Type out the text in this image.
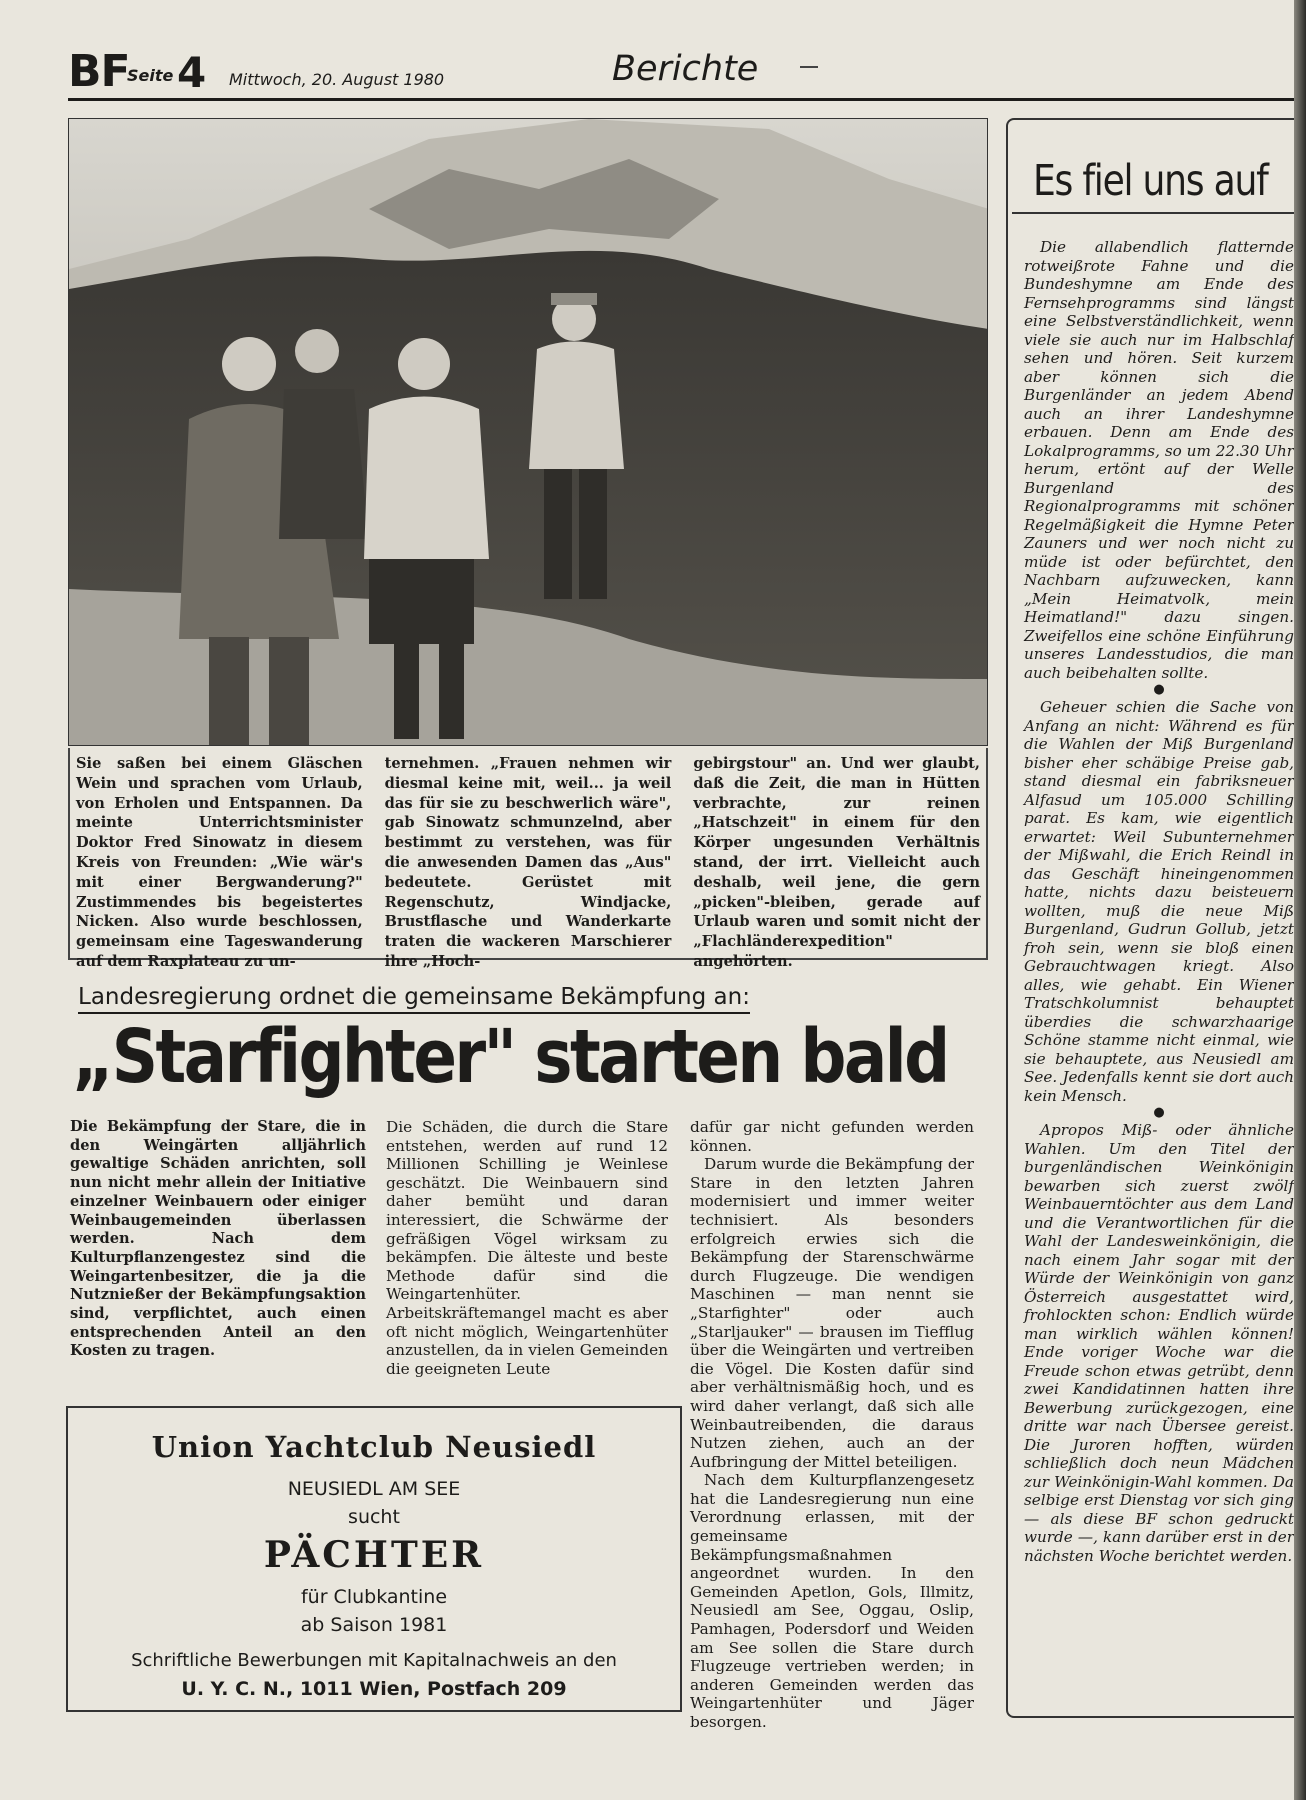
BF
Seite 4 Mittwoch, 20. August 1980	Berichte
Sie saßen bei einem Gläschen Wein und sprachen vom Urlaub, von Erholen und Entspannen. Da meinte Unterrichtsminister Doktor Fred Sinowatz in diesem Kreis von Freunden: „Wie wär's mit einer Bergwanderung?" Zustimmendes bis begeistertes Nicken. Also wurde beschlossen, gemeinsam eine Tageswanderung auf dem Raxplateau zu un-
ternehmen. „Frauen nehmen wir diesmal keine mit, weil... ja weil das für sie zu beschwerlich wäre", gab Sinowatz schmunzelnd, aber bestimmt zu verstehen, was für die anwesenden Damen das „Aus" bedeutete. Gerüstet mit Regenschutz, Windjacke, Brustflasche und Wanderkarte traten die wackeren Marschierer ihre „Hoch-
gebirgstour" an. Und wer glaubt, daß die Zeit, die man in Hütten verbrachte, zur reinen „Hatschzeit" in einem für den Körper ungesunden Verhältnis stand, der irrt. Vielleicht auch deshalb, weil jene, die gern „picken"-bleiben, gerade auf Urlaub waren und somit nicht der „Flachländerexpedition" angehörten.
Landesregierung ordnet die gemeinsame Bekämpfung an:
„Starfighter" starten bald
Die Bekämpfung der Stare, die in den Weingärten alljährlich gewaltige Schäden anrichten, soll nun nicht mehr allein der Initiative einzelner Weinbauern oder einiger Weinbaugemeinden überlassen werden. Nach dem Kulturpflanzengestez sind die Weingartenbesitzer, die ja die Nutznießer der Bekämpfungsaktion sind, verpflichtet, auch einen entsprechenden Anteil an den Kosten zu tragen.
Die Schäden, die durch die Stare entstehen, werden auf rund 12 Millionen Schilling je Weinlese geschätzt. Die Weinbauern sind daher bemüht und daran interessiert, die Schwärme der gefräßigen Vögel wirksam zu bekämpfen. Die älteste und beste Methode dafür sind die Weingartenhüter. Arbeitskräftemangel macht es aber oft nicht möglich, Weingartenhüter anzustellen, da in vielen Gemeinden die geeigneten Leute

dafür gar nicht gefunden werden können.

Darum wurde die Bekämpfung der Stare in den letzten Jahren modernisiert und immer weiter technisiert. Als besonders erfolgreich erwies sich die Bekämpfung der Starenschwärme durch Flugzeuge. Die wendigen Maschinen — man nennt sie „Starfighter" oder auch „Starljauker" — brausen im Tiefflug über die Weingärten und vertreiben die Vögel. Die Kosten dafür sind aber verhältnismäßig hoch, und es wird daher verlangt, daß sich alle Weinbautreibenden, die daraus Nutzen ziehen, auch an der Aufbringung der Mittel beteiligen.

Nach dem Kulturpflanzengesetz hat die Landesregierung nun eine Verordnung erlassen, mit der gemeinsame Bekämpfungsmaßnahmen angeordnet wurden. In den Gemeinden Apetlon, Gols, Illmitz, Neusiedl am See, Oggau, Oslip, Pamhagen, Podersdorf und Weiden am See sollen die Stare durch Flugzeuge vertrieben werden; in anderen Gemeinden werden das Weingartenhüter und Jäger besorgen.

Union Yachtclub Neusiedl
NEUSIEDL AM SEE
sucht
PÄCHTER
für Clubkantine
ab Saison 1981
Schriftliche Bewerbungen mit Kapitalnachweis an den
U. Y. C. N., 1011 Wien, Postfach 209
Es fiel uns auf

Die allabendlich flatternde rotweißrote Fahne und die Bundeshymne am Ende des Fernsehprogramms sind längst eine Selbstverständlichkeit, wenn viele sie auch nur im Halbschlaf sehen und hören. Seit kurzem aber können sich die Burgenländer an jedem Abend auch an ihrer Landeshymne erbauen. Denn am Ende des Lokalprogramms, so um 22.30 Uhr herum, ertönt auf der Welle Burgenland des Regionalprogramms mit schöner Regelmäßigkeit die Hymne Peter Zauners und wer noch nicht zu müde ist oder befürchtet, den Nachbarn aufzuwecken, kann „Mein Heimatvolk, mein Heimatland!" dazu singen. Zweifellos eine schöne Einführung unseres Landesstudios, die man auch beibehalten sollte.

●

Geheuer schien die Sache von Anfang an nicht: Während es für die Wahlen der Miß Burgenland bisher eher schäbige Preise gab, stand diesmal ein fabriksneuer Alfasud um 105.000 Schilling parat. Es kam, wie eigentlich erwartet: Weil Subunternehmer der Mißwahl, die Erich Reindl in das Geschäft hineingenommen hatte, nichts dazu beisteuern wollten, muß die neue Miß Burgenland, Gudrun Gollub, jetzt froh sein, wenn sie bloß einen Gebrauchtwagen kriegt. Also alles, wie gehabt. Ein Wiener Tratschkolumnist behauptet überdies die schwarzhaarige Schöne stamme nicht einmal, wie sie behauptete, aus Neusiedl am See. Jedenfalls kennt sie dort auch kein Mensch.

●

Apropos Miß- oder ähnliche Wahlen. Um den Titel der burgenländischen Weinkönigin bewarben sich zuerst zwölf Weinbauerntöchter aus dem Land und die Verantwortlichen für die Wahl der Landesweinkönigin, die nach einem Jahr sogar mit der Würde der Weinkönigin von ganz Österreich ausgestattet wird, frohlockten schon: Endlich würde man wirklich wählen können! Ende voriger Woche war die Freude schon etwas getrübt, denn zwei Kandidatinnen hatten ihre Bewerbung zurückgezogen, eine dritte war nach Übersee gereist. Die Juroren hofften, würden schließlich doch neun Mädchen zur Weinkönigin-Wahl kommen. Da selbige erst Dienstag vor sich ging — als diese BF schon gedruckt wurde —, kann darüber erst in der nächsten Woche berichtet werden.
